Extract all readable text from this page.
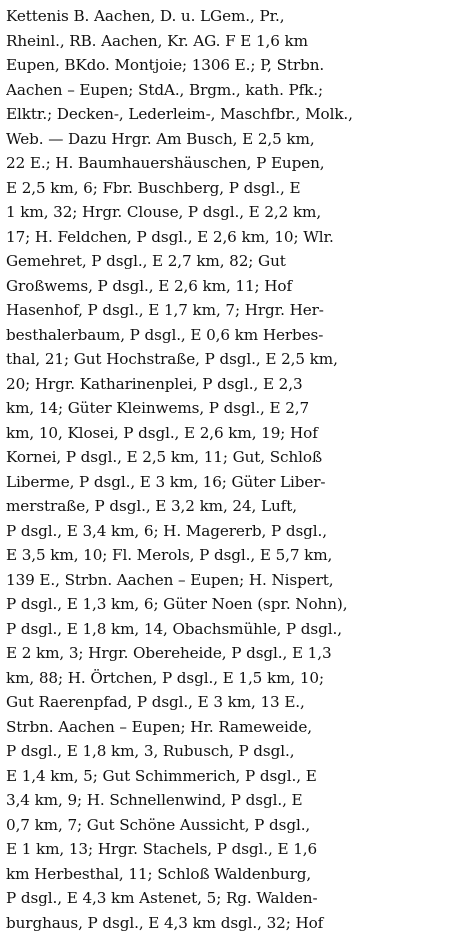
Kettenis B. Aachen, D. u. LGem., Pr.,
Rheinl., RB. Aachen, Kr. AG. F E 1,6 km
Eupen, BKdo. Montjoie; 1306 E.; P, Strbn.
Aachen – Eupen; StdA., Brgm., kath. Pfk.;
Elktr.; Decken-, Lederleim-, Maschfbr., Molk.,
Web. — Dazu Hrgr. Am Busch, E 2,5 km,
22 E.; H. Baumhauershäuschen, P Eupen,
E 2,5 km, 6; Fbr. Buschberg, P dsgl., E
1 km, 32; Hrgr. Clouse, P dsgl., E 2,2 km,
17; H. Feldchen, P dsgl., E 2,6 km, 10; Wlr.
Gemehret, P dsgl., E 2,7 km, 82; Gut
Großwems, P dsgl., E 2,6 km, 11; Hof
Hasenhof, P dsgl., E 1,7 km, 7; Hrgr. Her-
besthalerbaum, P dsgl., E 0,6 km Herbes-
thal, 21; Gut Hochstraße, P dsgl., E 2,5 km,
20; Hrgr. Katharinenplei, P dsgl., E 2,3
km, 14; Güter Kleinwems, P dsgl., E 2,7
km, 10, Klosei, P dsgl., E 2,6 km, 19; Hof
Kornei, P dsgl., E 2,5 km, 11; Gut, Schloß
Liberme, P dsgl., E 3 km, 16; Güter Liber-
merstraße, P dsgl., E 3,2 km, 24, Luft,
P dsgl., E 3,4 km, 6; H. Magererb, P dsgl.,
E 3,5 km, 10; Fl. Merols, P dsgl., E 5,7 km,
139 E., Strbn. Aachen – Eupen; H. Nispert,
P dsgl., E 1,3 km, 6; Güter Noen (spr. Nohn),
P dsgl., E 1,8 km, 14, Obachsmühle, P dsgl.,
E 2 km, 3; Hrgr. Obereheide, P dsgl., E 1,3
km, 88; H. Örtchen, P dsgl., E 1,5 km, 10;
Gut Raerenpfad, P dsgl., E 3 km, 13 E.,
Strbn. Aachen – Eupen; Hr. Rameweide,
P dsgl., E 1,8 km, 3, Rubusch, P dsgl.,
E 1,4 km, 5; Gut Schimmerich, P dsgl., E
3,4 km, 9; H. Schnellenwind, P dsgl., E
0,7 km, 7; Gut Schöne Aussicht, P dsgl.,
E 1 km, 13; Hrgr. Stachels, P dsgl., E 1,6
km Herbesthal, 11; Schloß Waldenburg,
P dsgl., E 4,3 km Astenet, 5; Rg. Walden-
burghaus, P dsgl., E 4,3 km dsgl., 32; Hof
